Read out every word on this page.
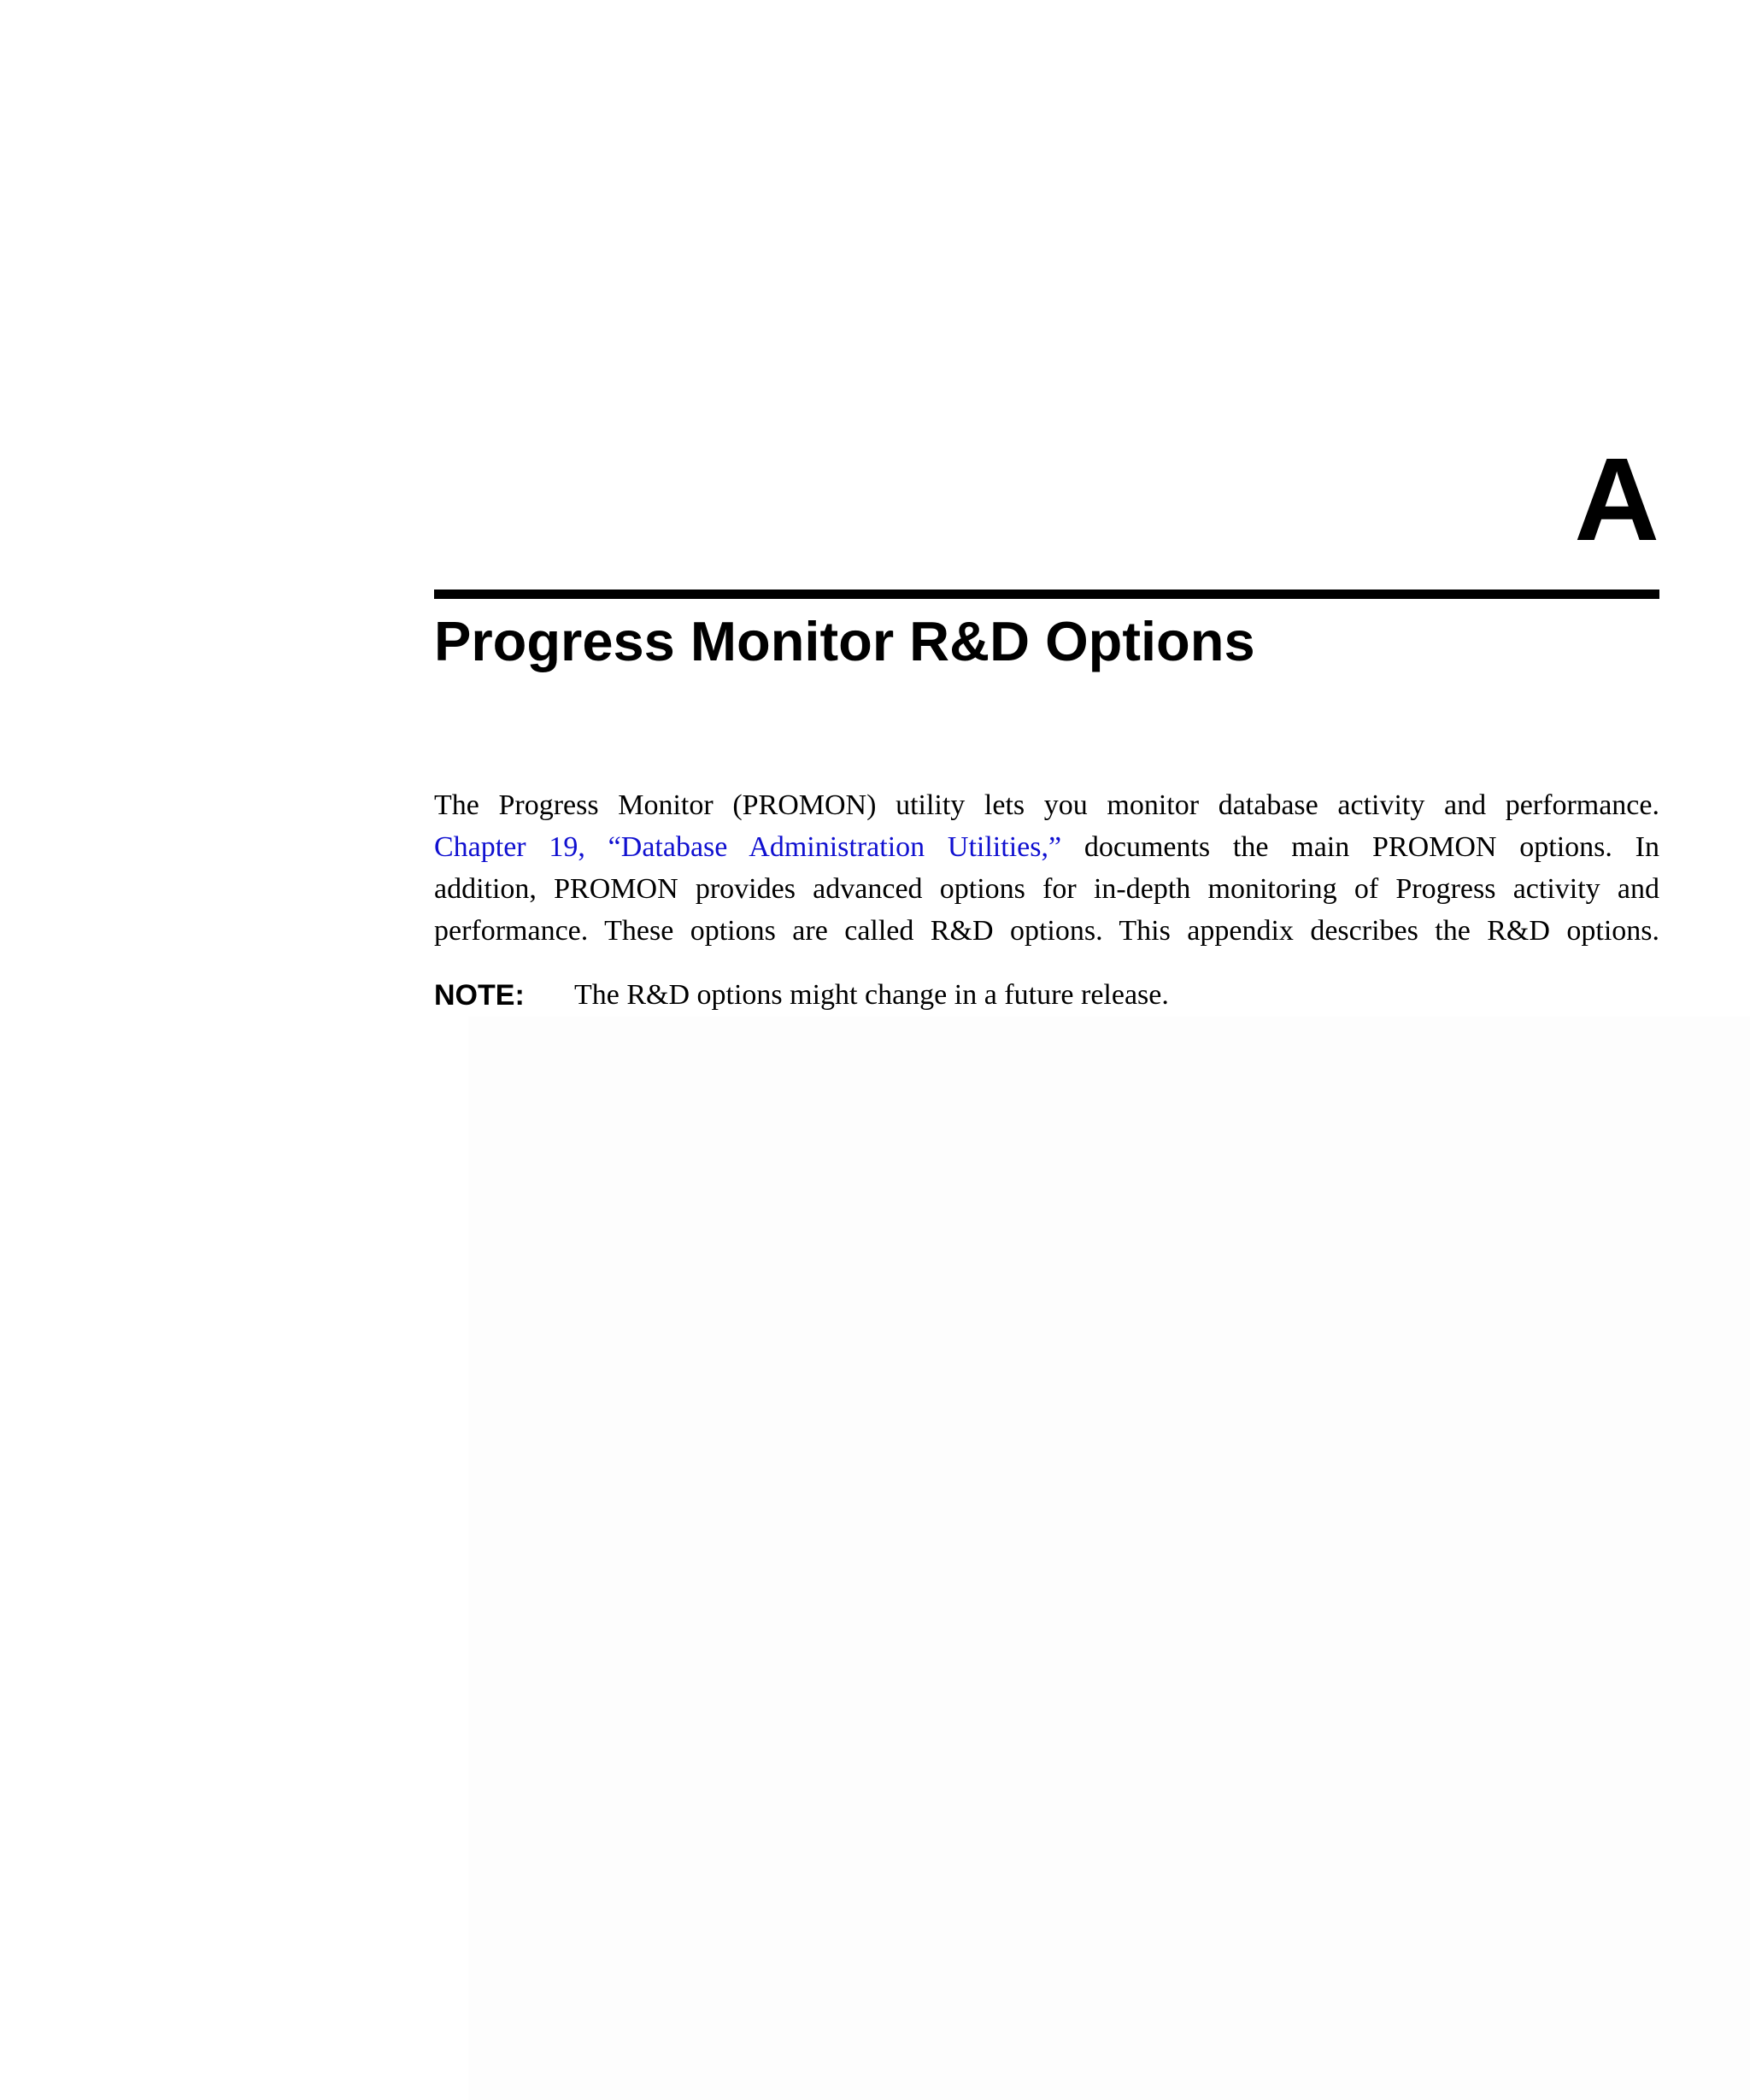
A
Progress Monitor R&D Options
The Progress Monitor (PROMON) utility lets you monitor database activity and performance.
Chapter 19, “Database Administration Utilities,” documents the main PROMON options. In
addition, PROMON provides advanced options for in-depth monitoring of Progress activity and
performance. These options are called R&D options. This appendix describes the R&D options.
NOTE: The R&D options might change in a future release.
